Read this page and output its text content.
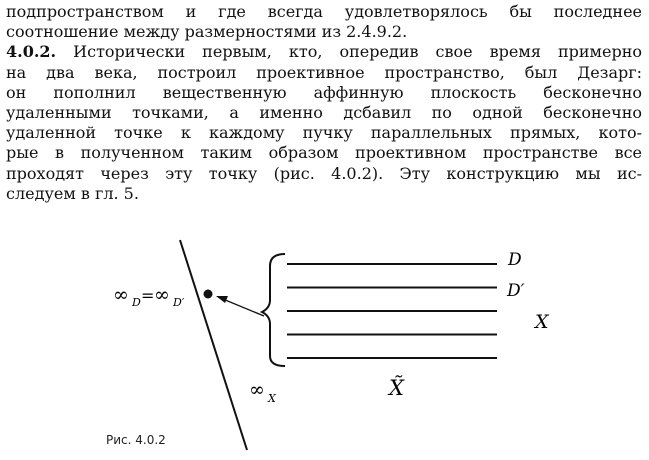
подпространством и где всегда удовлетворялось бы последнее
соотношение между размерностями из 2.4.9.2.
4.0.2. Исторически первым, кто, опередив свое время примерно
на два века, построил проективное пространство, был Дезарг:
он пополнил вещественную аффинную плоскость бесконечно
удаленными точками, а именно дсбавил по одной бесконечно
удаленной точке к каждому пучку параллельных прямых, кото-
рые в полученном таким образом проективном пространстве все
проходят через эту точку (рис. 4.0.2). Эту конструкцию мы ис-
следуем в гл. 5.
∞ D = ∞ D′
D
D′
X
X̃
∞ X
Рис. 4.0.2
